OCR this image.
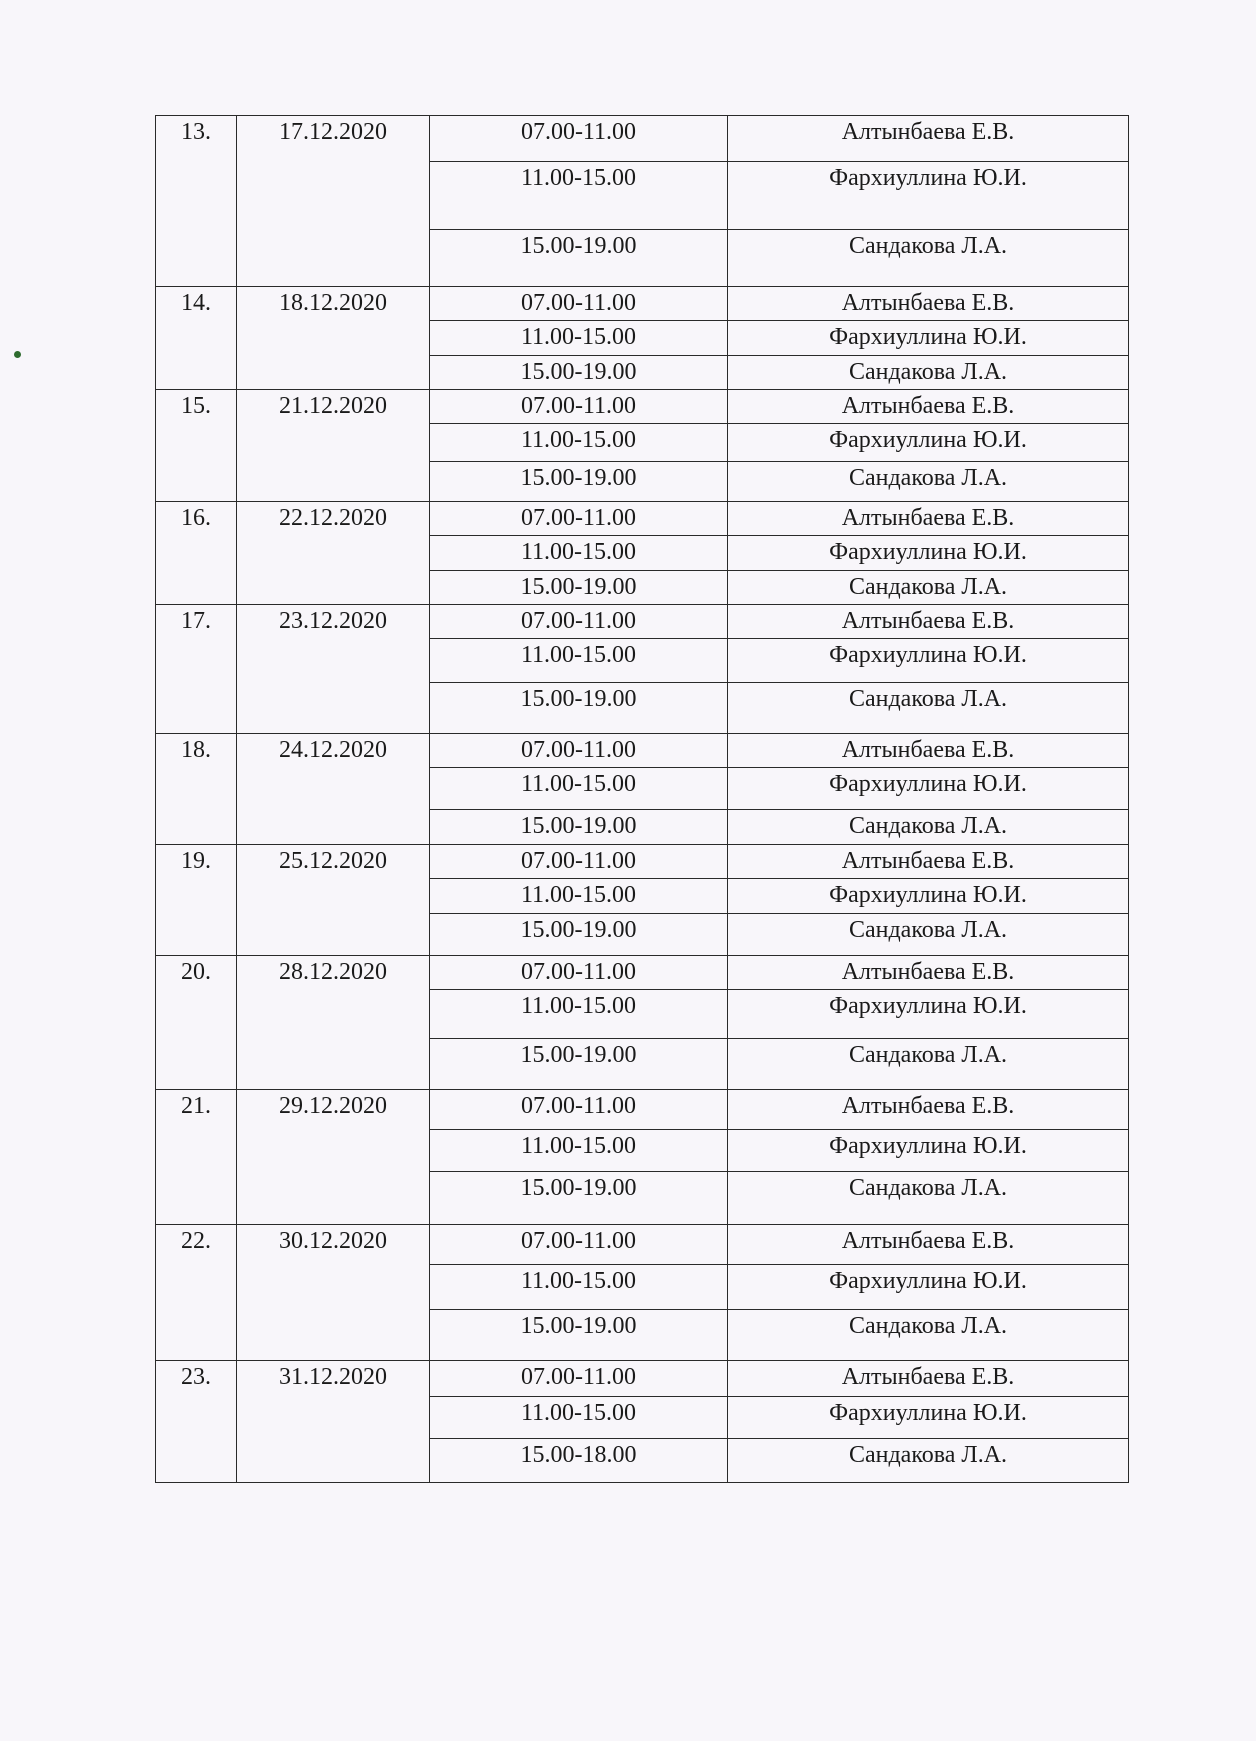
13.	17.12.2020	07.00-11.00	Алтынбаева Е.В.
		11.00-15.00	Фархиуллина Ю.И.
		15.00-19.00	Сандакова Л.А.
14.	18.12.2020	07.00-11.00	Алтынбаева Е.В.
		11.00-15.00	Фархиуллина Ю.И.
		15.00-19.00	Сандакова Л.А.
15.	21.12.2020	07.00-11.00	Алтынбаева Е.В.
		11.00-15.00	Фархиуллина Ю.И.
		15.00-19.00	Сандакова Л.А.
16.	22.12.2020	07.00-11.00	Алтынбаева Е.В.
		11.00-15.00	Фархиуллина Ю.И.
		15.00-19.00	Сандакова Л.А.
17.	23.12.2020	07.00-11.00	Алтынбаева Е.В.
		11.00-15.00	Фархиуллина Ю.И.
		15.00-19.00	Сандакова Л.А.
18.	24.12.2020	07.00-11.00	Алтынбаева Е.В.
		11.00-15.00	Фархиуллина Ю.И.
		15.00-19.00	Сандакова Л.А.
19.	25.12.2020	07.00-11.00	Алтынбаева Е.В.
		11.00-15.00	Фархиуллина Ю.И.
		15.00-19.00	Сандакова Л.А.
20.	28.12.2020	07.00-11.00	Алтынбаева Е.В.
		11.00-15.00	Фархиуллина Ю.И.
		15.00-19.00	Сандакова Л.А.
21.	29.12.2020	07.00-11.00	Алтынбаева Е.В.
		11.00-15.00	Фархиуллина Ю.И.
		15.00-19.00	Сандакова Л.А.
22.	30.12.2020	07.00-11.00	Алтынбаева Е.В.
		11.00-15.00	Фархиуллина Ю.И.
		15.00-19.00	Сандакова Л.А.
23.	31.12.2020	07.00-11.00	Алтынбаева Е.В.
		11.00-15.00	Фархиуллина Ю.И.
		15.00-18.00	Сандакова Л.А.
